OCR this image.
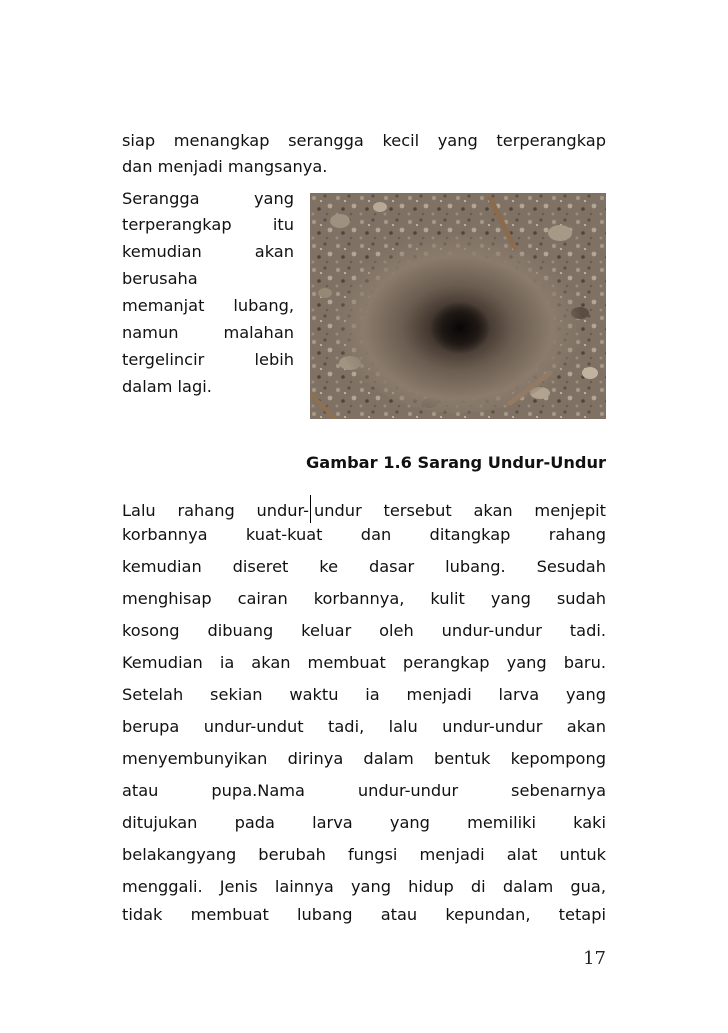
siap menangkap serangga kecil yang terperangkap
dan menjadi mangsanya.
Serangga yang
terperangkap itu
kemudian akan
berusaha
memanjat lubang,
namun malahan
tergelincir lebih
dalam lagi.
Gambar 1.6 Sarang Undur-Undur
Lalu rahang undur- undur tersebut akan menjepit
korbannya kuat-kuat dan ditangkap rahang
kemudian diseret ke dasar lubang. Sesudah
menghisap cairan korbannya, kulit yang sudah
kosong dibuang keluar oleh undur-undur tadi.
Kemudian ia akan membuat perangkap yang baru.
Setelah sekian waktu ia menjadi larva yang
berupa undur-undut tadi, lalu undur-undur akan
menyembunyikan dirinya dalam bentuk kepompong
atau pupa.Nama undur-undur sebenarnya
ditujukan pada larva yang memiliki kaki
belakangyang berubah fungsi menjadi alat untuk
menggali. Jenis lainnya yang hidup di dalam gua,
tidak membuat lubang atau kepundan, tetapi
17
